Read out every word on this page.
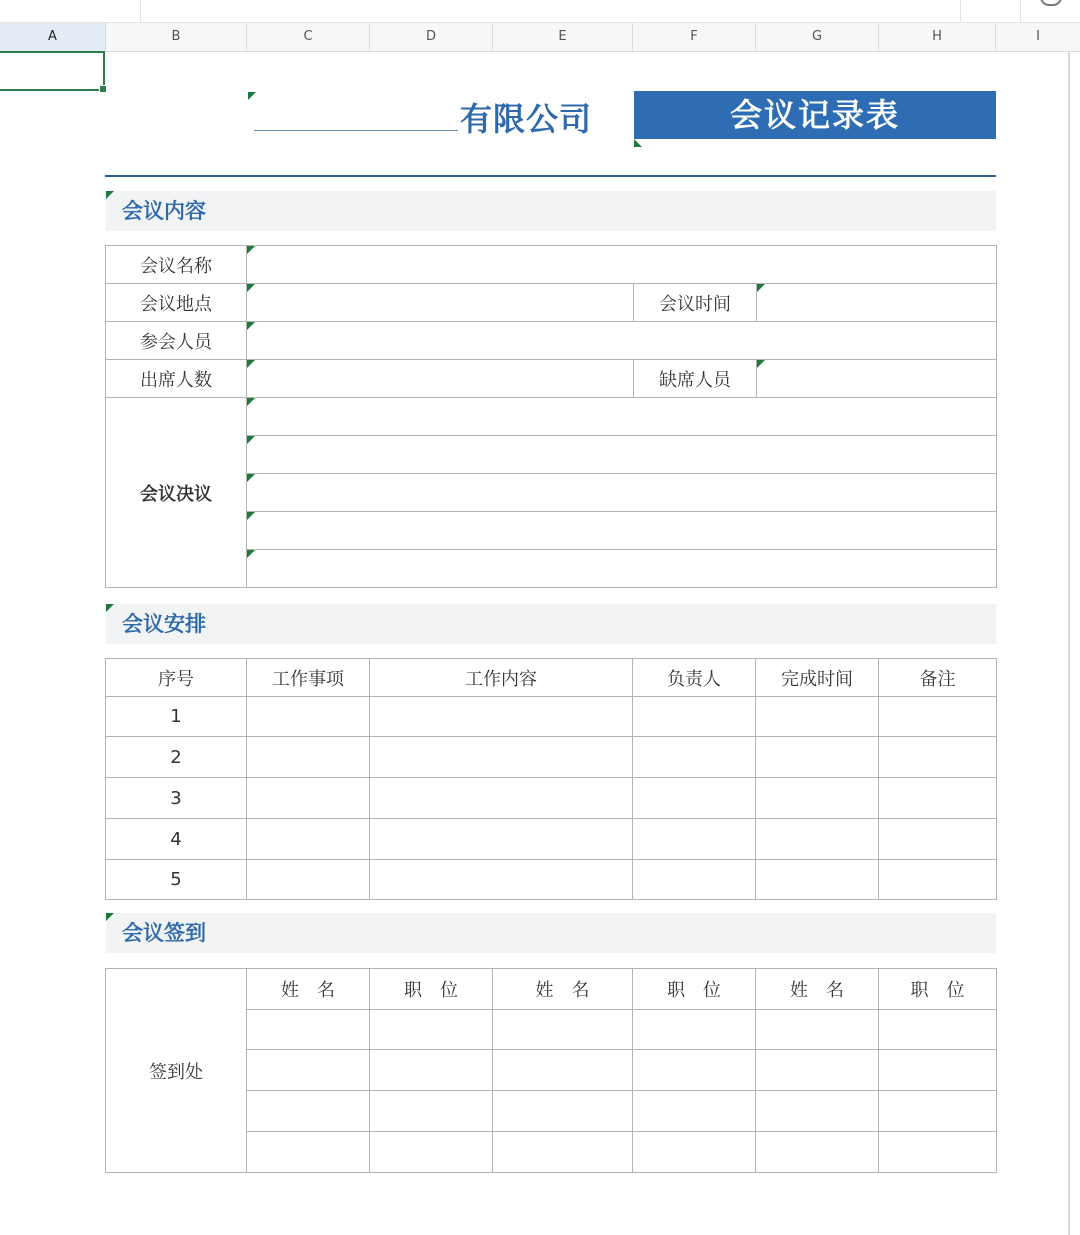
A	B	C	D	E	F	G	H	I
有限公司	会议记录表
会议内容
会议名称			

会议地点		会议时间	

参会人员			

出席人数		缺席人员	

会议决议			

会议安排
序号	工作事项	工作内容	负责人	完成时间	备注
1					
2					
3					
4					
5					
会议签到
签到处	姓　名	职　位	姓　名	职　位	姓　名	职　位
